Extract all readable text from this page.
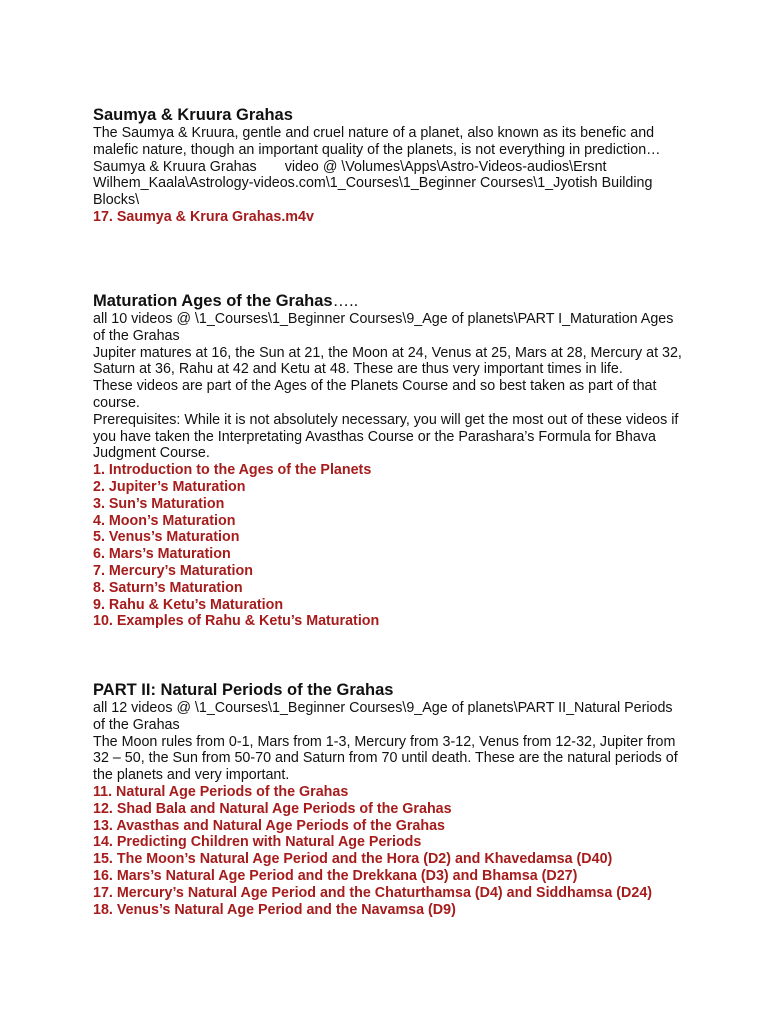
Saumya & Kruura Grahas

The Saumya & Kruura, gentle and cruel nature of a planet, also known as its benefic and malefic nature, though an important quality of the planets, is not everything in prediction…

Saumya & Kruura Grahas video @ \Volumes\Apps\Astro-Videos-audios\Ersnt Wilhem_Kaala\Astrology-videos.com\1_Courses\1_Beginner Courses\1_Jyotish Building Blocks\

17. Saumya & Krura Grahas.m4v
Maturation Ages of the Grahas…..

all 10 videos @ \1_Courses\1_Beginner Courses\9_Age of planets\PART I_Maturation Ages of the Grahas

Jupiter matures at 16, the Sun at 21, the Moon at 24, Venus at 25, Mars at 28, Mercury at 32, Saturn at 36, Rahu at 42 and Ketu at 48. These are thus very important times in life.

These videos are part of the Ages of the Planets Course and so best taken as part of that course.

Prerequisites: While it is not absolutely necessary, you will get the most out of these videos if you have taken the Interpretating Avasthas Course or the Parashara’s Formula for Bhava Judgment Course.

1. Introduction to the Ages of the Planets
2. Jupiter’s Maturation
3. Sun’s Maturation
4. Moon’s Maturation
5. Venus’s Maturation
6. Mars’s Maturation
7. Mercury’s Maturation
8. Saturn’s Maturation
9. Rahu & Ketu’s Maturation
10. Examples of Rahu & Ketu’s Maturation
PART II: Natural Periods of the Grahas

all 12 videos @ \1_Courses\1_Beginner Courses\9_Age of planets\PART II_Natural Periods of the Grahas

The Moon rules from 0-1, Mars from 1-3, Mercury from 3-12, Venus from 12-32, Jupiter from 32 – 50, the Sun from 50-70 and Saturn from 70 until death. These are the natural periods of the planets and very important.

11. Natural Age Periods of the Grahas
12. Shad Bala and Natural Age Periods of the Grahas
13. Avasthas and Natural Age Periods of the Grahas
14. Predicting Children with Natural Age Periods
15. The Moon’s Natural Age Period and the Hora (D2) and Khavedamsa (D40)
16. Mars’s Natural Age Period and the Drekkana (D3) and Bhamsa (D27)
17. Mercury’s Natural Age Period and the Chaturthamsa (D4) and Siddhamsa (D24)
18. Venus’s Natural Age Period and the Navamsa (D9)
